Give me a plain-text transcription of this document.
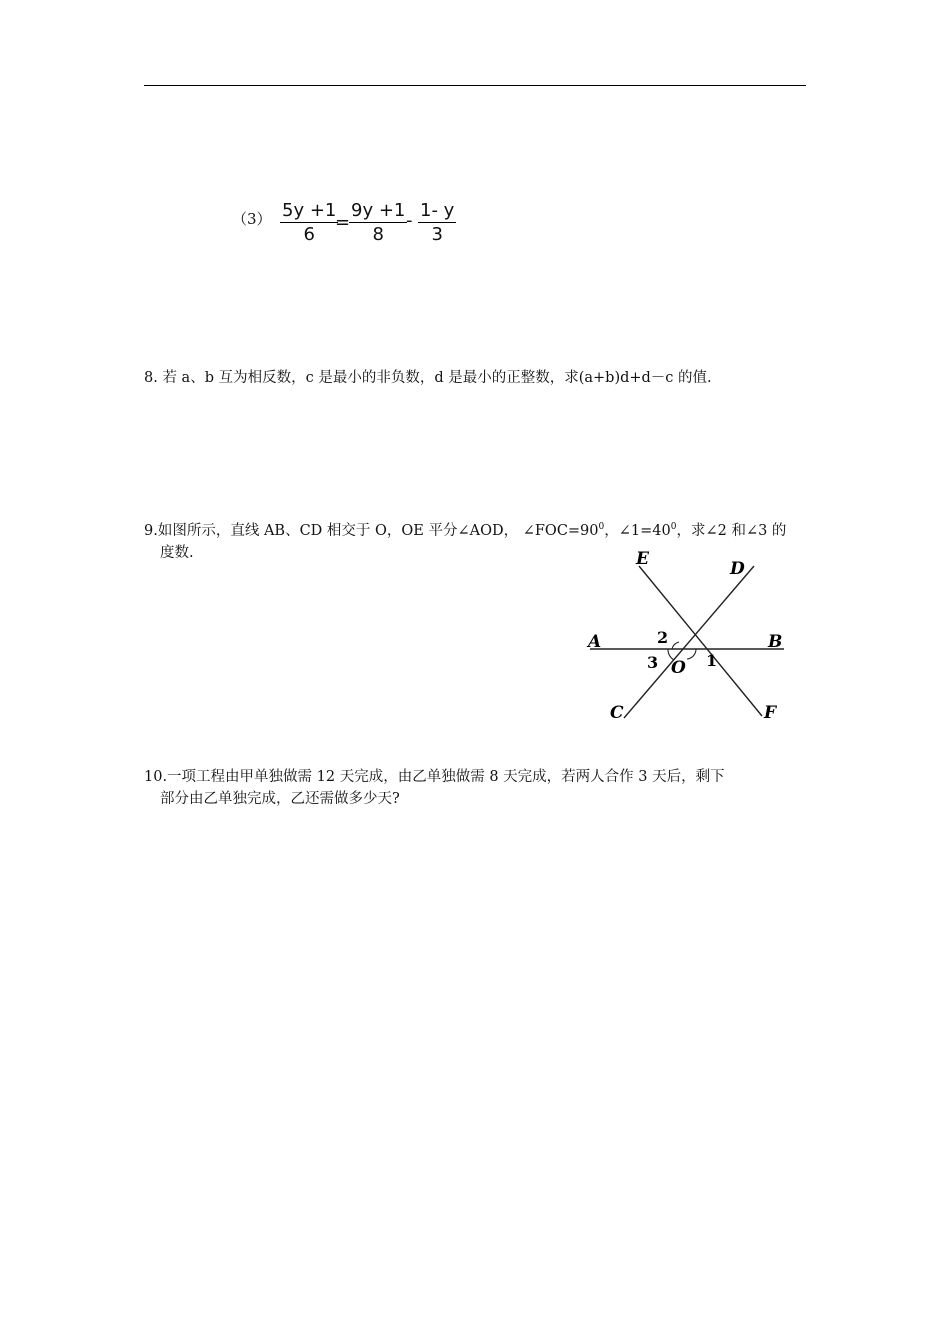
$(3) \frac{5y +1}{6}$
=
$\frac{9y +1}{8}$
- $\frac{1- y}{3}$
8. 若 a、b 互为相反数，c 是最小的非负数，d 是最小的正整数，求(a+b)d+d－c 的值.
9.如图所示，直线 AB、CD 相交于 O，OE 平分∠AOD， $\angle FOC=90^0$，$\angle 1=40^0$，求∠2 和∠3 的
度数.	E	D
A	B
C	F
O 1
2
3
10.一项工程由甲单独做需 12 天完成，由乙单独做需 8 天完成，若两人合作 3 天后，剩下
部分由乙单独完成，乙还需做多少天?
